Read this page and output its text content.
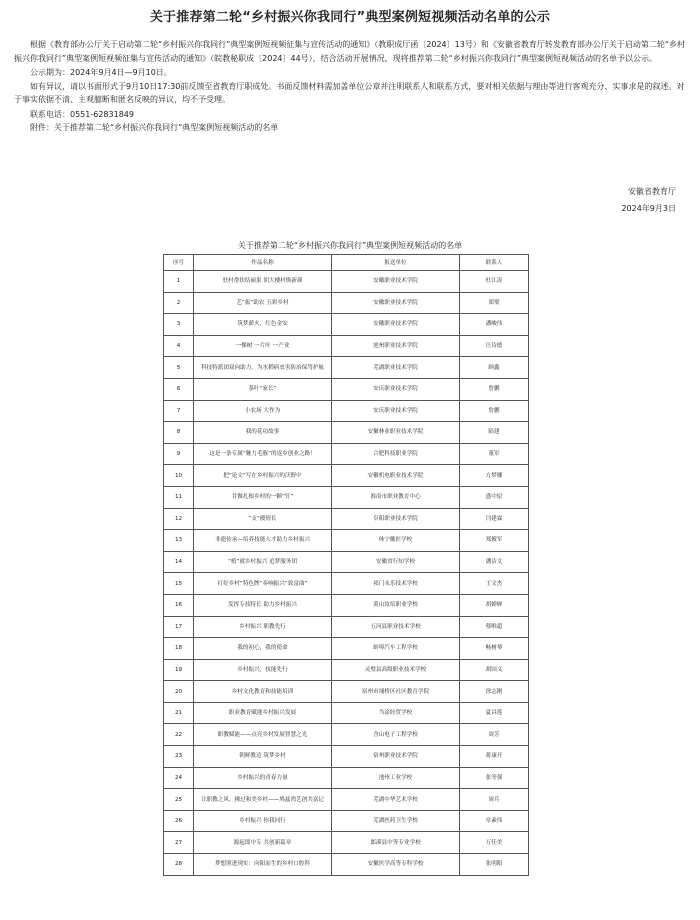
关于推荐第二轮“乡村振兴你我同行”典型案例短视频活动名单的公示

根据《教育部办公厅关于启动第二轮“乡村振兴你我同行”典型案例短视频征集与宣传活动的通知》（教职成厅函〔2024〕13号）和《安徽省教育厅转发教育部办公厅关于启动第二轮“乡村振兴你我同行”典型案例短视频征集与宣传活动的通知》（皖教秘职成〔2024〕44号），结合活动开展情况，现将推荐第二轮“乡村振兴你我同行”典型案例短视频活动的名单予以公示。

公示期为：2024年9月4日—9月10日。

如有异议，请以书面形式于9月10日17:30前反馈至省教育厅职成处。书面反馈材料需加盖单位公章并注明联系人和联系方式，要对相关依据与理由等进行客观充分、实事求是的叙述。对于事实依据不清、主观臆断和匿名反映的异议，均不予受理。

联系电话：0551-62831849

附件：关于推荐第二轮“乡村振兴你我同行”典型案例短视频活动的名单

安徽省教育厅
2024年9月3日
关于推荐第二轮“乡村振兴你我同行”典型案例短视频活动的名单
序号	作品名称	报送单位	联系人
1	驻村帮扶结硕果 胡大楼村焕新颜	安徽职业技术学院	杜江涛
2	艺“振”助农 五彩乡村	安徽职业技术学院	郑璧
3	筑梦薪火，红色金安	安徽职业技术学院	潘峻伟
4	一棵树 一片叶 一产业	池州职业技术学院	汪诗德
5	科技特派团双向助力，为水稻病虫害防治保驾护航	芜湖职业技术学院	顾鑫
6	茶叶“家长”	安庆职业技术学院	詹鹏
7	小农场 大作为	安庆职业技术学院	詹鹏
8	我的花功故事	安徽林业职业技术学院	陆建
9	这是一条专属“魅力毛豚”的返乡创业之路！	合肥科技职业学院	董军
10	把“论文”写在乡村振兴的沃野中	安徽机电职业技术学院	方梦娜
11	甘做扎根乡村的一颗“钉”	淮南市职业教育中心	盛中原
12	“支”援情长	阜阳职业技术学院	闫建霖
13	非遗传承—培养技能人才助力乡村振兴	休宁徽匠学校	郑俊军
14	“植”就乡村振兴 追梦服务团	安徽省行知学校	潘洁文
15	打好乡村“特色牌”奏响振兴“致富曲”	祁门永乐技术学校	王文杰
16	发挥专技特长 助力乡村振兴	黄山汝培职业学校	胡婵婵
17	乡村振兴 职教先行	五河县职业技术学校	蔡唯超
18	我的初心，我的使命	蚌埠汽车工程学校	畅树琴
19	乡村振兴，技能先行	灵璧县高级职业技术学校	胡国义
20	乡村文化教育和技能培训	宿州市埇桥区社区教育学院	徐志刚
21	职业教育赋能乡村振兴发展	当涂经贸学校	夏昌莲
22	职教赋能——点亮乡村发展智慧之光	含山电子工程学校	周芳
23	朝鲜教迈 筑梦乡村	宿州职业技术学院	蒋康开
24	乡村振兴的青春力量	池州工业学校	张等强
25	让职教之风，拂过和美乡村——鸠兹湾艺创共富记	芜湖中华艺术学校	周兵
26	乡村振兴 你我同行	芜湖医药卫生学校	章素伟
27	源起郎中专 共创新篇章	郎溪县中等专业学校	万佳美
28	梦想照进现实：向阳而生的乡村口腔科	安徽医学高等专科学校	张明阳
